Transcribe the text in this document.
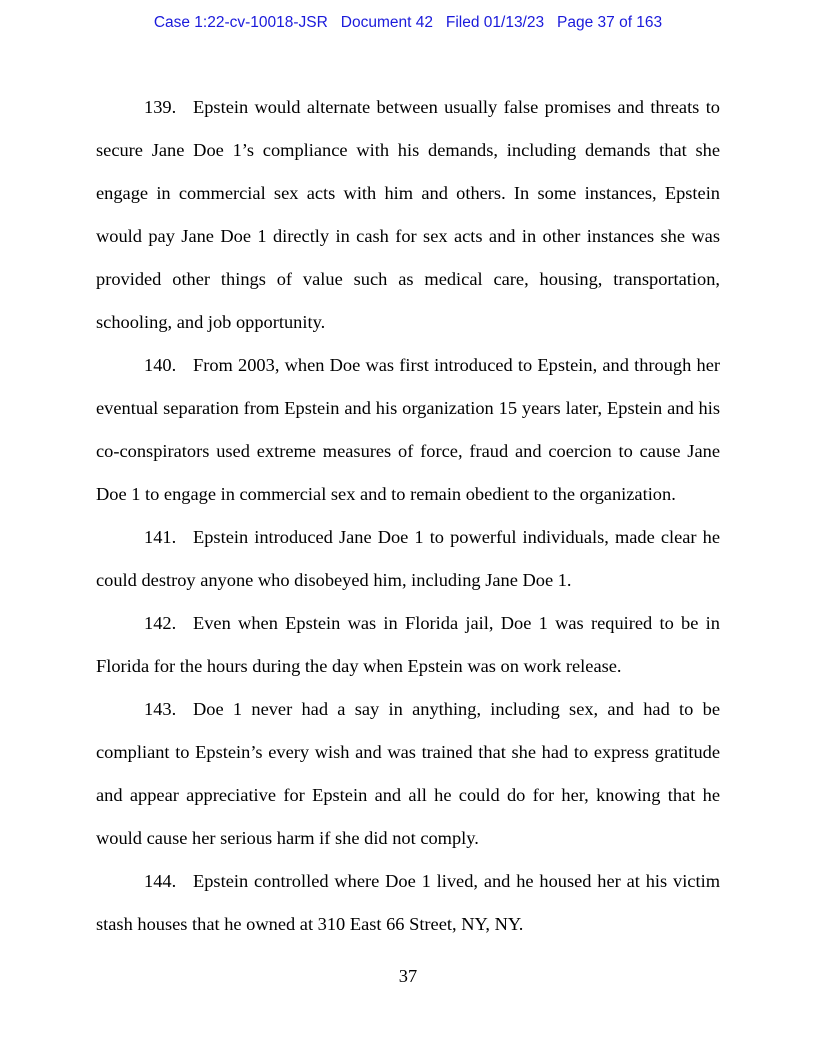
Case 1:22-cv-10018-JSR   Document 42   Filed 01/13/23   Page 37 of 163

139. Epstein would alternate between usually false promises and threats to secure Jane Doe 1’s compliance with his demands, including demands that she engage in commercial sex acts with him and others. In some instances, Epstein would pay Jane Doe 1 directly in cash for sex acts and in other instances she was provided other things of value such as medical care, housing, transportation, schooling, and job opportunity.

140. From 2003, when Doe was first introduced to Epstein, and through her eventual separation from Epstein and his organization 15 years later, Epstein and his co-conspirators used extreme measures of force, fraud and coercion to cause Jane Doe 1 to engage in commercial sex and to remain obedient to the organization.

141. Epstein introduced Jane Doe 1 to powerful individuals, made clear he could destroy anyone who disobeyed him, including Jane Doe 1.

142. Even when Epstein was in Florida jail, Doe 1 was required to be in Florida for the hours during the day when Epstein was on work release.

143. Doe 1 never had a say in anything, including sex, and had to be compliant to Epstein’s every wish and was trained that she had to express gratitude and appear appreciative for Epstein and all he could do for her, knowing that he would cause her serious harm if she did not comply.

144. Epstein controlled where Doe 1 lived, and he housed her at his victim stash houses that he owned at 310 East 66 Street, NY, NY.

37
